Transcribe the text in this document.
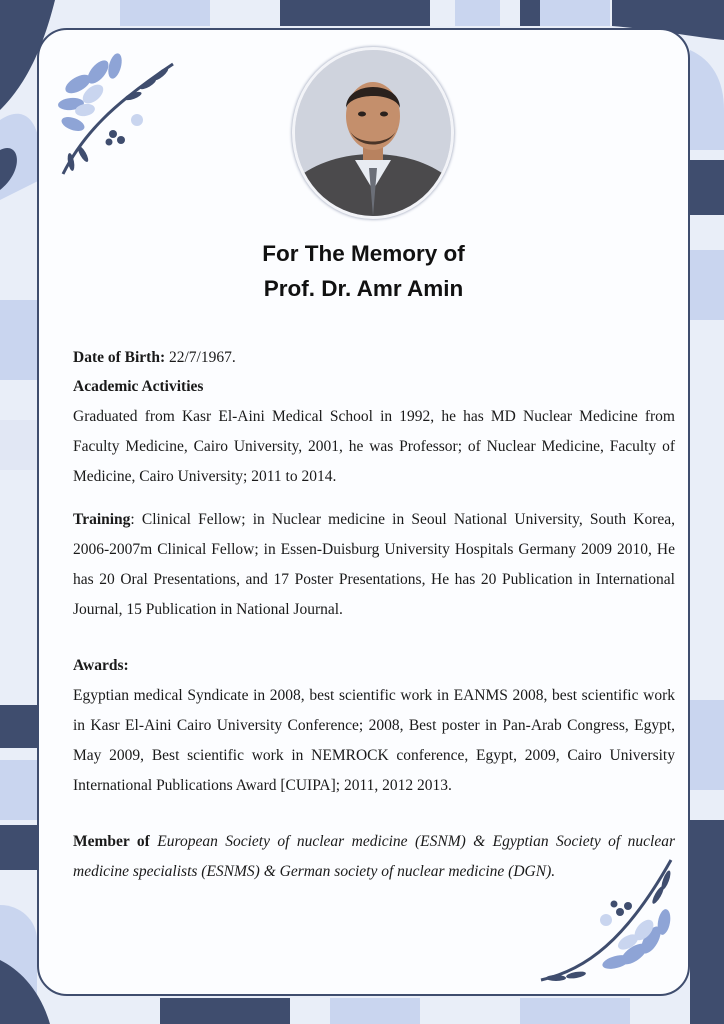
For The Memory of
Prof. Dr. Amr Amin

Date of Birth: 22/7/1967.

Academic Activities

Graduated from Kasr El-Aini Medical School in 1992, he has MD Nuclear Medicine from Faculty Medicine, Cairo University, 2001, he was Professor; of Nuclear Medicine, Faculty of Medicine, Cairo University; 2011 to 2014.

Training: Clinical Fellow; in Nuclear medicine in Seoul National University, South Korea, 2006-2007m Clinical Fellow; in Essen-Duisburg University Hospitals Germany 2009 2010, He has 20 Oral Presentations, and 17 Poster Presentations, He has 20 Publication in International Journal, 15 Publication in National Journal.

Awards:

Egyptian medical Syndicate in 2008, best scientific work in EANMS 2008, best scientific work in Kasr El-Aini Cairo University Conference; 2008, Best poster in Pan-Arab Congress, Egypt, May 2009, Best scientific work in NEMROCK conference, Egypt, 2009, Cairo University International Publications Award [CUIPA]; 2011, 2012 2013.

Member of European Society of nuclear medicine (ESNM) & Egyptian Society of nuclear medicine specialists (ESNMS) & German society of nuclear medicine (DGN).
